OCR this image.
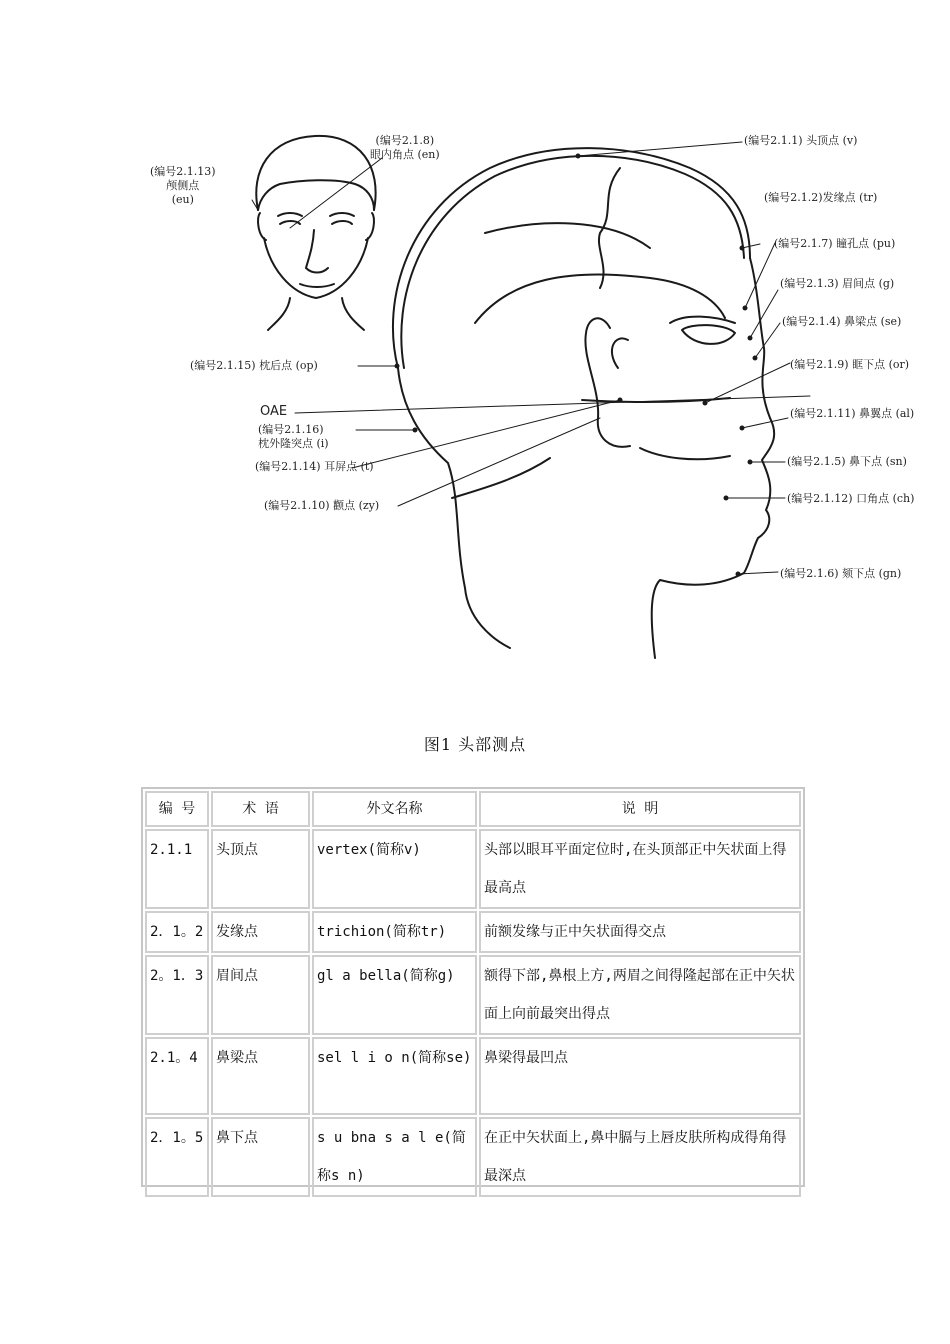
(编号2.1.13)
颅侧点
(eu)
(编号2.1.8)
眼内角点 (en)
(编号2.1.15) 枕后点 (op)
OAE
(编号2.1.16)
枕外隆突点 (i)
(编号2.1.14) 耳屏点 (t)
(编号2.1.10) 颧点 (zy)
(编号2.1.1) 头顶点 (v)
(编号2.1.2)发缘点 (tr)
(编号2.1.7) 瞳孔点 (pu)
(编号2.1.3) 眉间点 (g)
(编号2.1.4) 鼻梁点 (se)
(编号2.1.9) 眶下点 (or)
(编号2.1.11) 鼻翼点 (al)
(编号2.1.5) 鼻下点 (sn)
(编号2.1.12) 口角点 (ch)
(编号2.1.6) 颏下点 (gn)
图1 头部测点
编 号	术 语	外文名称	说 明
2.1.1	头顶点	vertex(简称v)	头部以眼耳平面定位时,在头顶部正中矢状面上得最高点
2．1。2	发缘点	trichion(简称tr)	前额发缘与正中矢状面得交点
2。1．3	眉间点	gl a bella(简称g)	额得下部,鼻根上方,两眉之间得隆起部在正中矢状面上向前最突出得点
2.1。4	鼻梁点	sel l i o n(简称se)	鼻梁得最凹点
2．1。5	鼻下点	s u bna s a l e(简称s n)	在正中矢状面上,鼻中膈与上唇皮肤所构成得角得最深点
